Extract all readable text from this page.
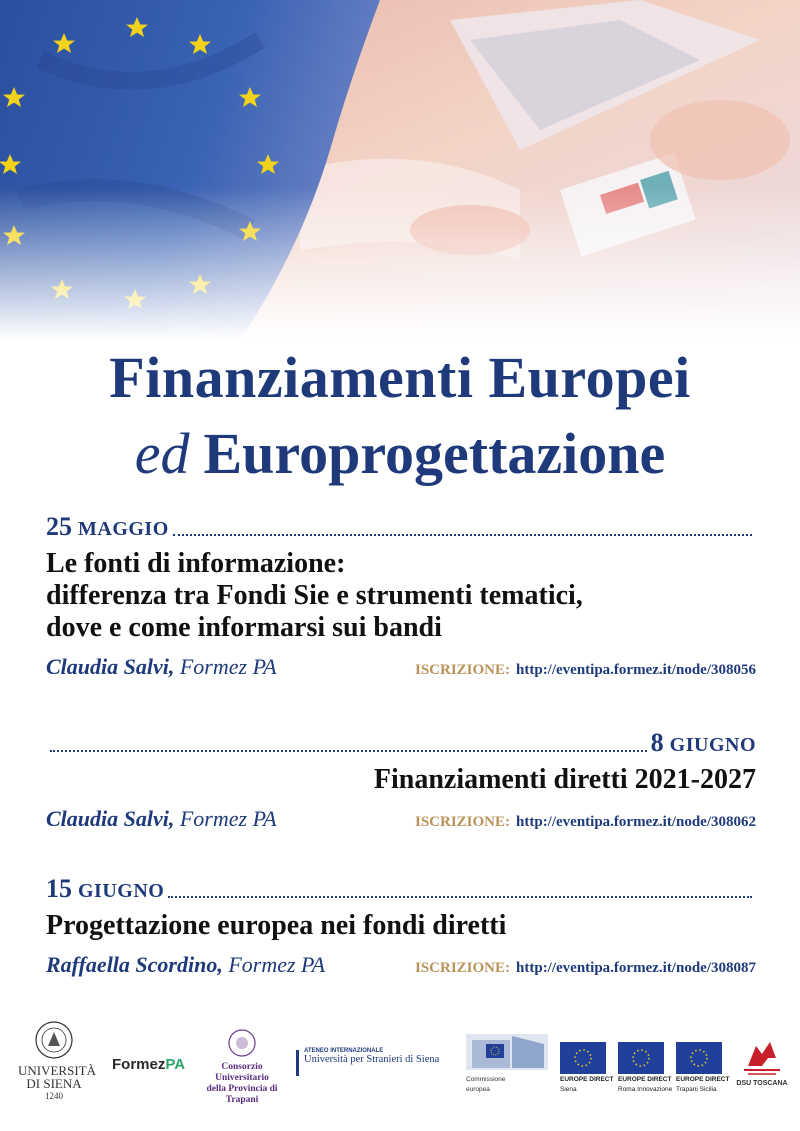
Finanziamenti Europei
ed Europrogettazione
25 MAGGIO
Le fonti di informazione:
differenza tra Fondi Sie e strumenti tematici,
dove e come informarsi sui bandi
Claudia Salvi, Formez PA	ISCRIZIONE: http://eventipa.formez.it/node/308056
8 GIUGNO
Finanziamenti diretti 2021-2027
Claudia Salvi, Formez PA	ISCRIZIONE: http://eventipa.formez.it/node/308062
15 GIUGNO
Progettazione europea nei fondi diretti
Raffaella Scordino, Formez PA	ISCRIZIONE: http://eventipa.formez.it/node/308087
UNIVERSITÀ
DI SIENA
1240
FormezPA	Consorzio Universitario
della Provincia di Trapani
ATENEO INTERNAZIONALE
Università per Stranieri di Siena
Commissione
europea
EUROPE DIRECT
Siena
EUROPE DIRECT
Roma Innovazione
EUROPE DIRECT
Trapani Sicilia
DSU TOSCANA
